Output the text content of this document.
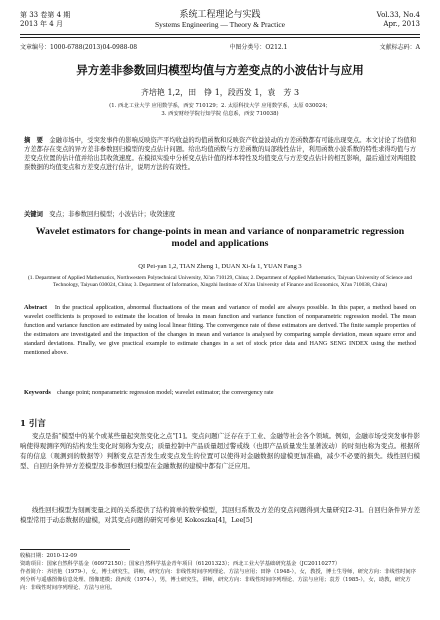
第 33 卷第 4 期
2013 年 4 月
系统工程理论与实践
Systems Engineering — Theory & Practice
Vol.33, No.4
Apr., 2013
文章编号：1000-6788(2013)04-0988-08	中图分类号：O212.1	文献标志码：A
异方差非参数回归模型均值与方差变点的小波估计与应用
齐培艳 1,2，田　铮 1，段西发 1，袁　芳 3
(1. 西北工业大学 应用数学系，西安 710129；2. 太原科技大学 应用数学系，太原 030024；
3. 西安财经学院行知学院 信息系，西安 710038)
摘　要　 金融市场中，受突发事件的影响反映资产平均收益的均值函数和反映资产收益波动的方差函数都有可能出现变点。本文讨论了均值和方差都存在变点的异方差非参数回归模型的变点估计问题。给出均值函数与方差函数的局部线性估计，利用函数小波系数的特性求得均值与方差变点位置的估计值并给出其收敛速度。在模拟实验中分析变点估计值的样本特性及均值变点与方差变点估计的相互影响，最后通过对两组股票数据的均值变点和方差变点进行估计，说明方法的有效性。
关键词　 变点；非参数回归模型；小波估计；收敛速度
Wavelet estimators for change-points in mean and variance of nonparametric regression model and applications
QI Pei-yan 1,2, TIAN Zheng 1, DUAN Xi-fa 1, YUAN Fang 3
(1. Department of Applied Mathematics, Northwestern Polytechnical University, Xi'an 710129, China; 2. Department of Applied Mathematics, Taiyuan University of Science and Technology, Taiyuan 030024, China; 3. Department of Information, Xingzhi Institute of Xi'an University of Finance and Economics, Xi'an 710038, China)
Abstract　 In the practical application, abnormal fluctuations of the mean and variance of model are always possible. In this paper, a method based on wavelet coefficients is proposed to estimate the location of breaks in mean function and variance function of nonparametric regression model. The mean function and variance function are estimated by using local linear fitting. The convergence rate of these estimators are derived. The finite sample properties of the estimators are investigated and the impaction of the changes in mean and variance is analysed by comparing sample deviation, mean square error and standard deviations. Finally, we give practical example to estimate changes in a set of stock price data and HANG SENG INDEX using the method mentioned above.
Keywords　 change point; nonparametric regression model; wavelet estimator; the convergency rate
1 引言
变点是指“模型中的某个或某些量起突然变化之点”[1]。变点问题广泛存在于工业、金融等社会各个领域。例如，金融市场受突发事件影响使得观测序列的结构发生变化时刻称为变点；质量控制中产品质量超过警戒线（也即产品质量发生显著波动）的时刻也称为变点。根据所有的信息（观测到的数据等）判断变点是否发生或变点发生的位置可以使得对金融数据的建模更加准确，减少不必要的损失。线性回归模型、自回归条件异方差模型及非参数回归模型在金融数据的建模中都有广泛应用。
线性回归模型为刻画变量之间的关系提供了结构简单的数学模型，其回归系数及方差的变点问题得到大量研究[2-3]。自回归条件异方差模型常用于动态数据的建模，对其变点问题的研究可参见 Kokoszka[4]，Lee[5]
收稿日期：2010-12-09
资助项目：国家自然科学基金（60972150）；国家自然科学基金青年项目（61201323）；西北工业大学基础研究基金（JC20110277）
作者简介：齐培艳（1979-），女，博士研究生，讲师，研究方向：非线性时间序列理论、方法与应用；田铮（1948-），女，教授，博士生导师，研究方向：非线性时间序列分析与遥感图像信息处理、图像建模；段西发（1974-），男，博士研究生，讲师，研究方向：非线性时间序列理论、方法与应用；袁芳（1985-），女，助教，研究方向：非线性时间序列理论、方法与应用。
